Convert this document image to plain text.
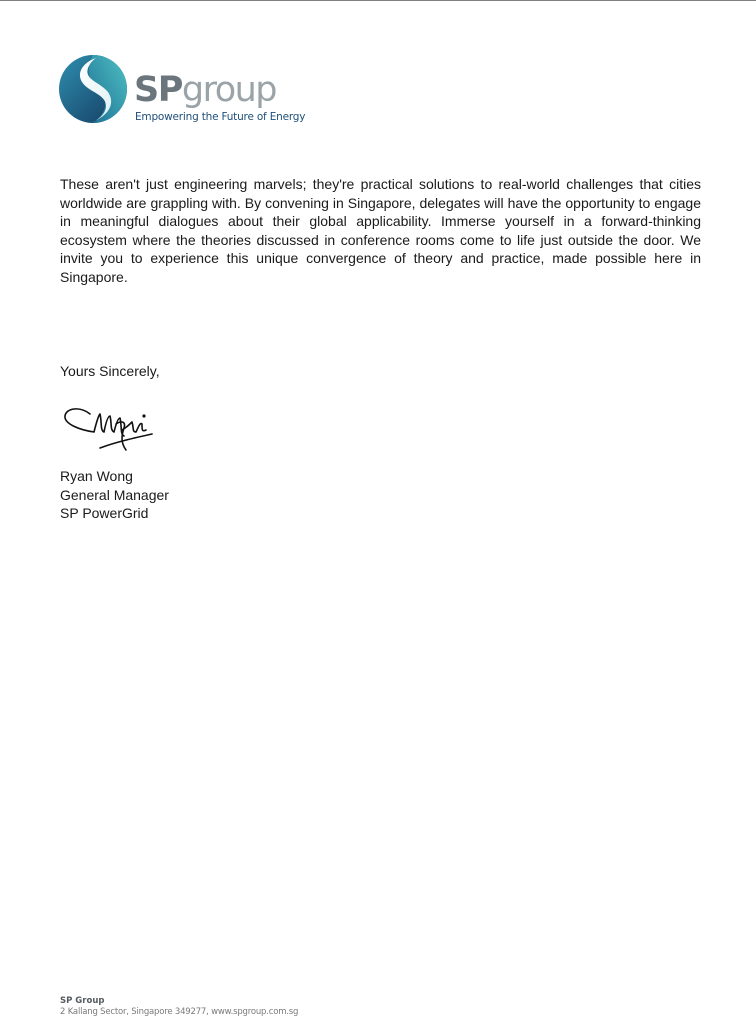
SPgroup
Empowering the Future of Energy

These aren't just engineering marvels; they're practical solutions to real-world challenges that cities worldwide are grappling with. By convening in Singapore, delegates will have the opportunity to engage in meaningful dialogues about their global applicability. Immerse yourself in a forward-thinking ecosystem where the theories discussed in conference rooms come to life just outside the door. We invite you to experience this unique convergence of theory and practice, made possible here in Singapore.

Yours Sincerely,

Ryan Wong
General Manager
SP PowerGrid
SP Group
2 Kallang Sector, Singapore 349277, www.spgroup.com.sg
